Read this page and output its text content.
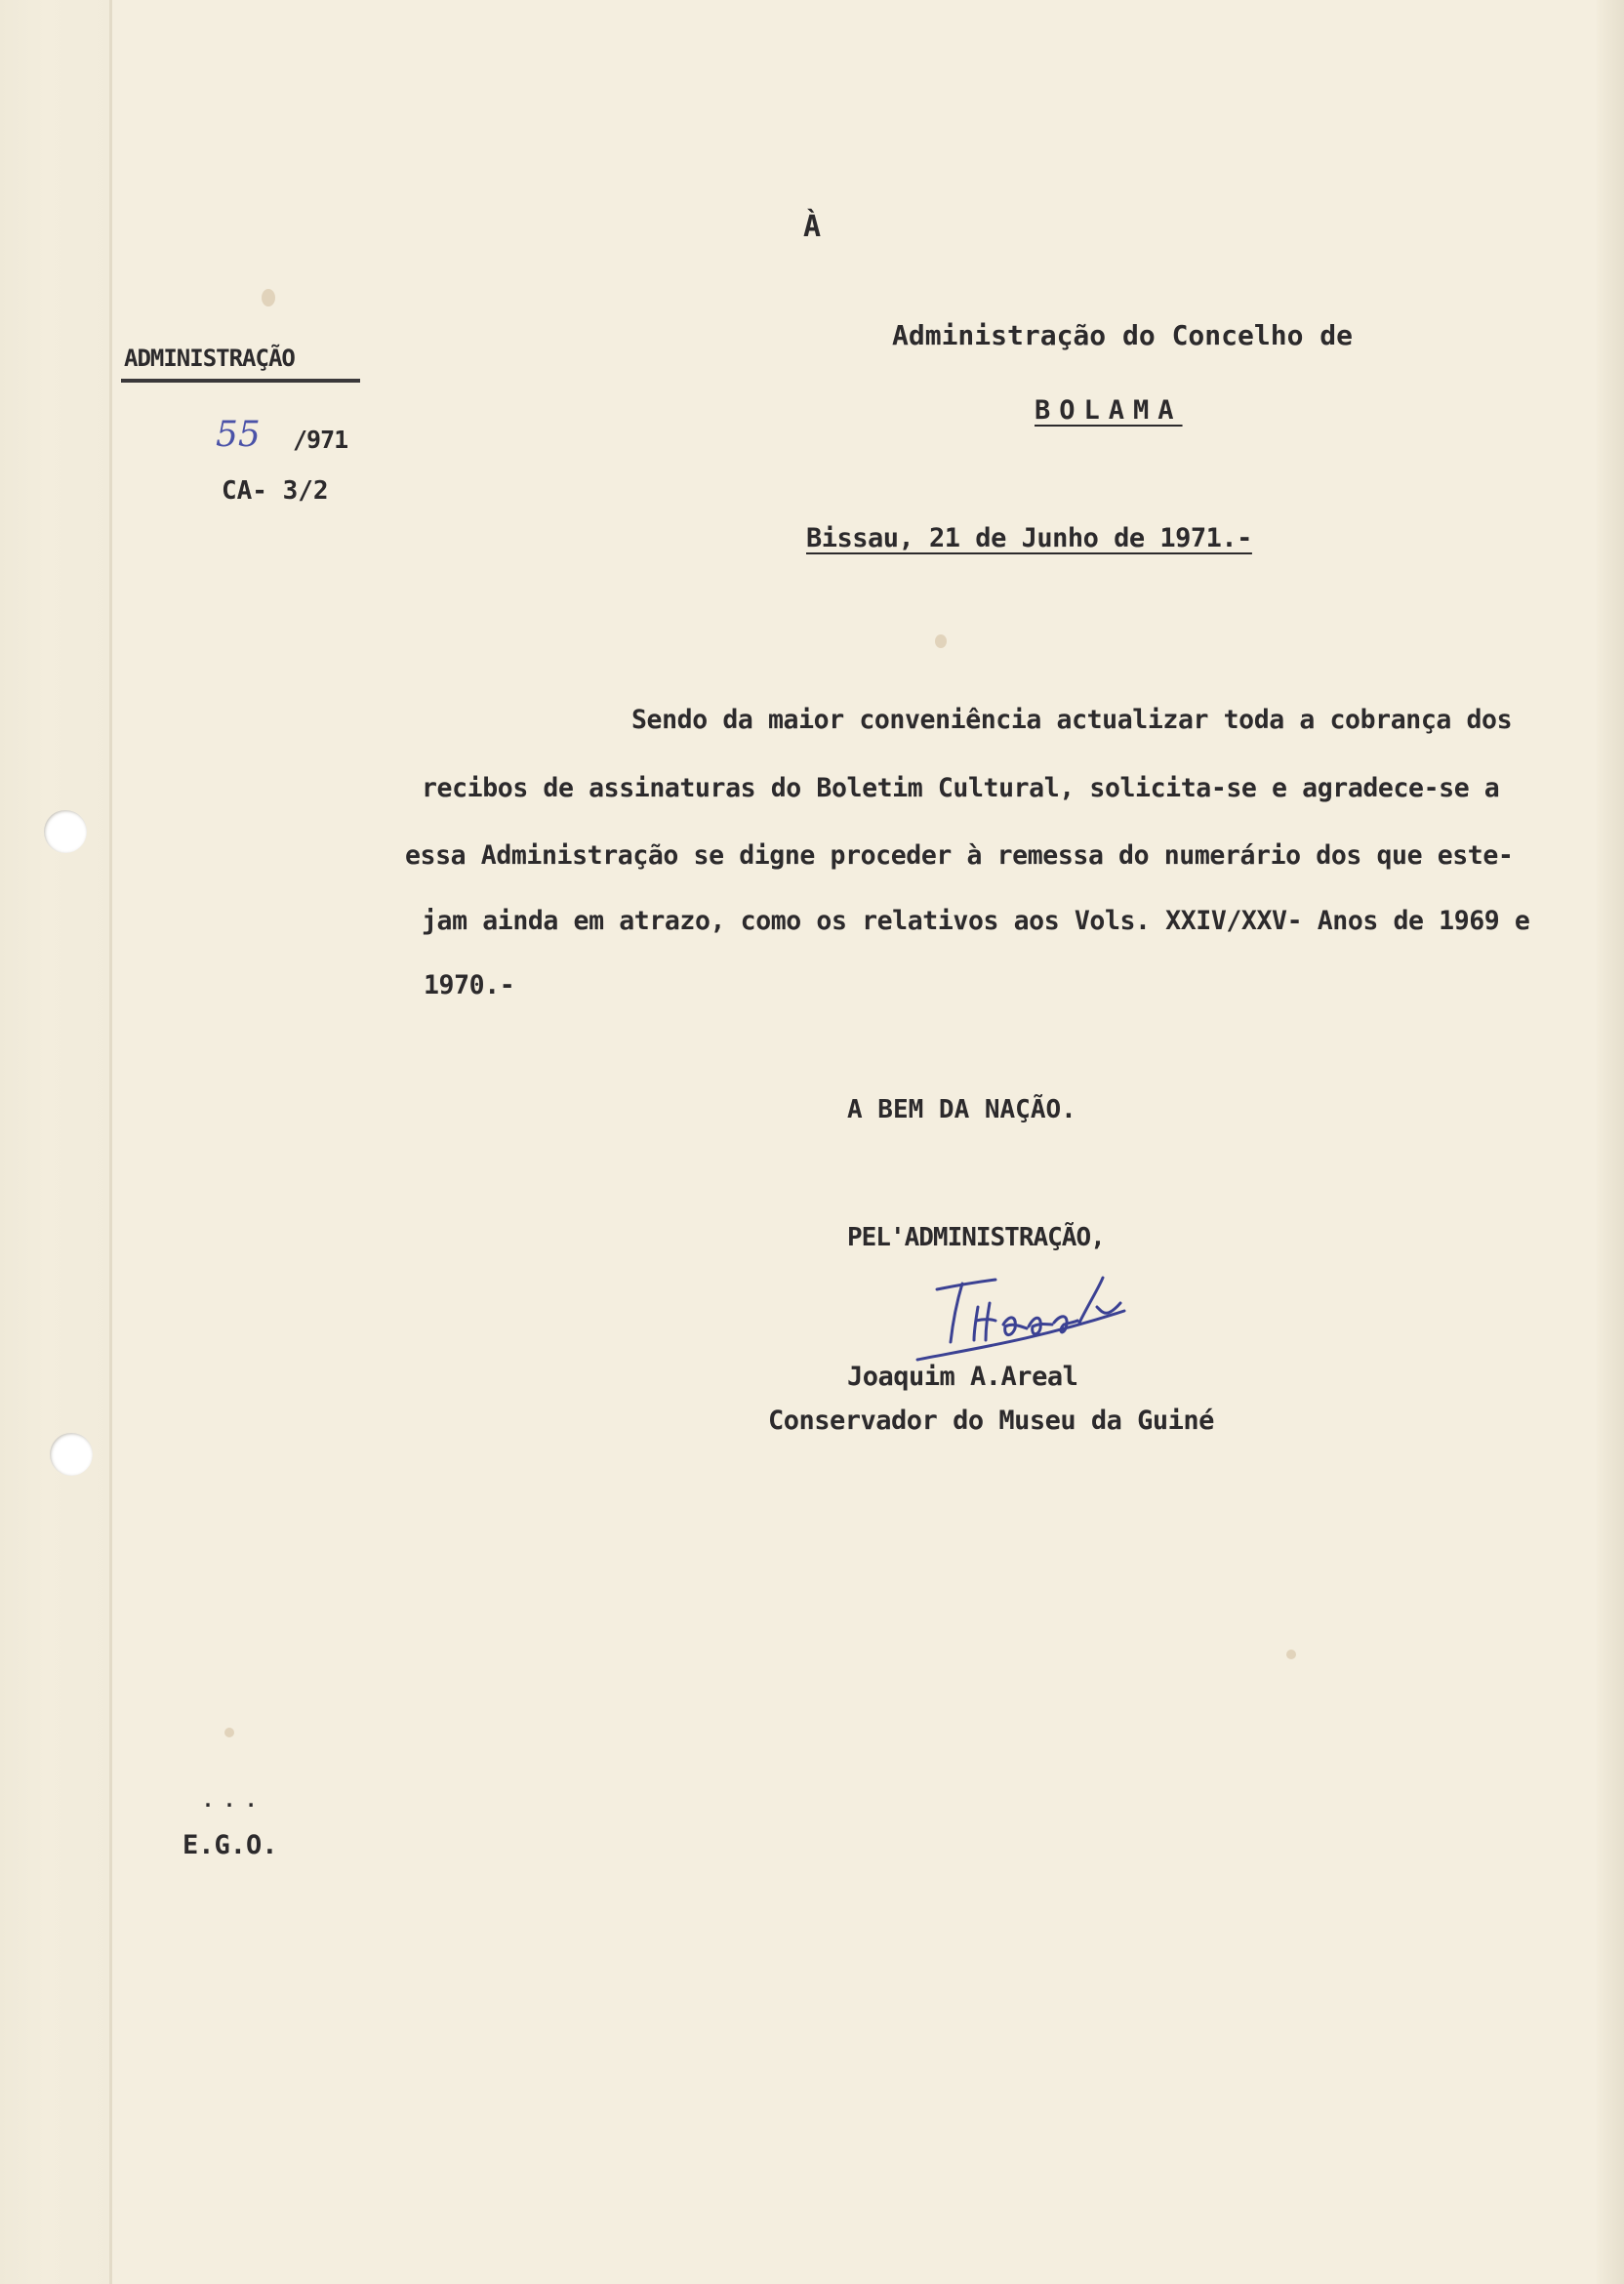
À
Administração do Concelho de
BOLAMA
ADMINISTRAÇÃO
55 /971
CA- 3/2
Bissau, 21 de Junho de 1971.-
Sendo da maior conveniência actualizar toda a cobrança dos
recibos de assinaturas do Boletim Cultural, solicita-se e agradece-se a
essa Administração se digne proceder à remessa do numerário dos que este-
jam ainda em atrazo, como os relativos aos Vols. XXIV/XXV- Anos de 1969 e
1970.-
A BEM DA NAÇÃO.
PEL'ADMINISTRAÇÃO,
Joaquim A.Areal
Conservador do Museu da Guiné
...
E.G.O.
